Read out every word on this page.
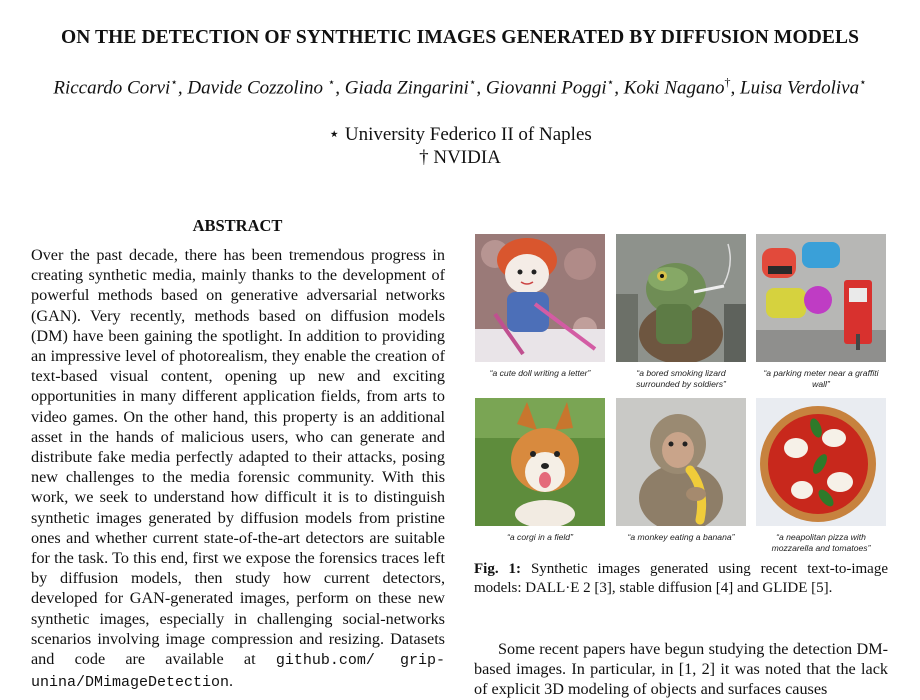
ON THE DETECTION OF SYNTHETIC IMAGES GENERATED BY DIFFUSION MODELS
Riccardo Corvi⋆, Davide Cozzolino ⋆, Giada Zingarini⋆, Giovanni Poggi⋆, Koki Nagano†, Luisa Verdoliva⋆
⋆ University Federico II of Naples
† NVIDIA
ABSTRACT
Over the past decade, there has been tremendous progress in creating synthetic media, mainly thanks to the development of powerful methods based on generative adversarial networks (GAN). Very recently, methods based on diffusion models (DM) have been gaining the spotlight. In addition to providing an impressive level of photorealism, they enable the creation of text-based visual content, opening up new and exciting opportunities in many different application fields, from arts to video games. On the other hand, this property is an additional asset in the hands of malicious users, who can generate and distribute fake media perfectly adapted to their attacks, posing new challenges to the media forensic community. With this work, we seek to understand how difficult it is to distinguish synthetic images generated by diffusion models from pristine ones and whether current state-of-the-art detectors are suitable for the task. To this end, first we expose the forensics traces left by diffusion models, then study how current detectors, developed for GAN-generated images, perform on these new synthetic images, especially in challenging social-networks scenarios involving image compression and resizing. Datasets and code are available at github.com/ grip-unina/DMimageDetection.
“a cute doll writing a letter”	“a bored smoking lizard surrounded by soldiers”
“a parking meter near a graffiti wall”
“a corgi in a field”	“a monkey eating a banana”	“a neapolitan pizza with mozzarella and tomatoes”
Fig. 1: Synthetic images generated using recent text-to-image models: DALL·E 2 [3], stable diffusion [4] and GLIDE [5].
Some recent papers have begun studying the detection DM-based images. In particular, in [1, 2] it was noted that the lack of explicit 3D modeling of objects and surfaces causes
